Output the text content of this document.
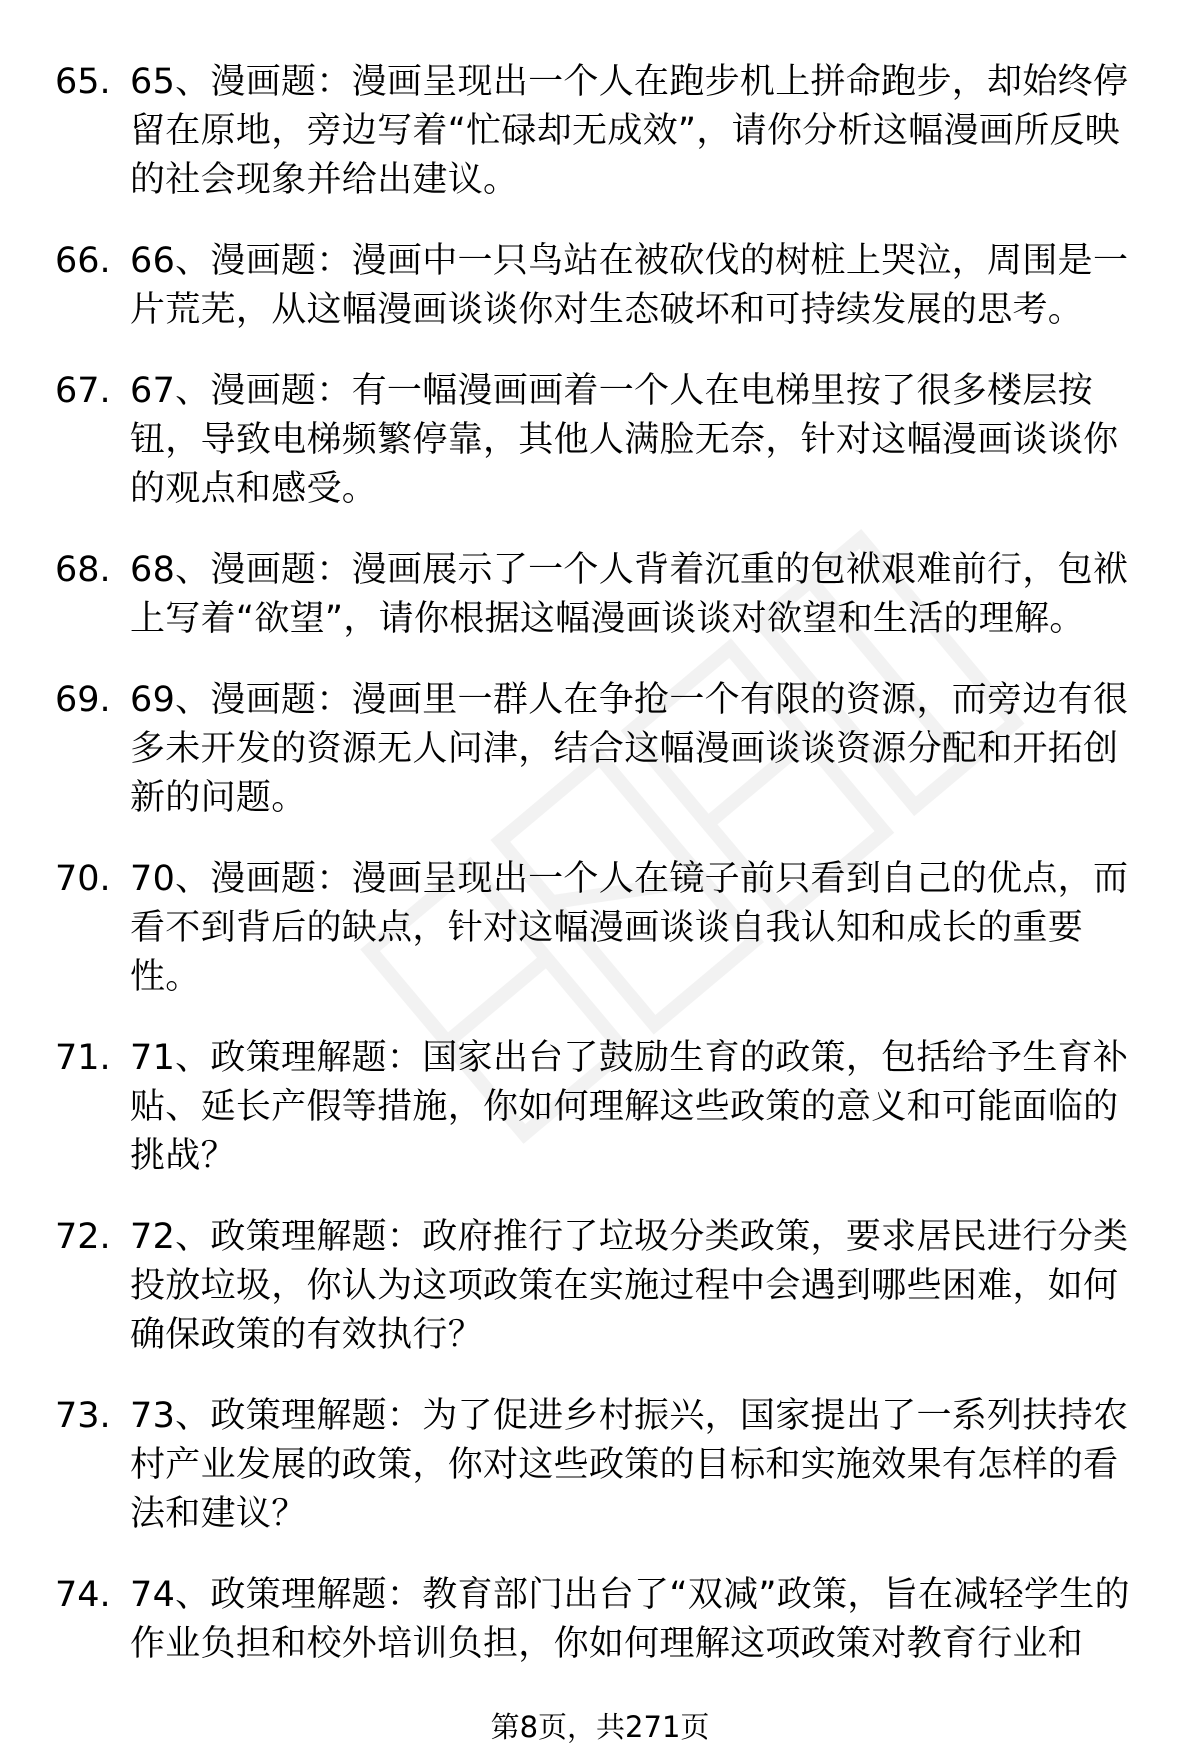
65. 65、漫画题：漫画呈现出一个人在跑步机上拼命跑步，却始终停留在原地，旁边写着“忙碌却无成效”，请你分析这幅漫画所反映的社会现象并给出建议。
66. 66、漫画题：漫画中一只鸟站在被砍伐的树桩上哭泣，周围是一片荒芜，从这幅漫画谈谈你对生态破坏和可持续发展的思考。
67. 67、漫画题：有一幅漫画画着一个人在电梯里按了很多楼层按钮，导致电梯频繁停靠，其他人满脸无奈，针对这幅漫画谈谈你的观点和感受。
68. 68、漫画题：漫画展示了一个人背着沉重的包袱艰难前行，包袱上写着“欲望”，请你根据这幅漫画谈谈对欲望和生活的理解。
69. 69、漫画题：漫画里一群人在争抢一个有限的资源，而旁边有很多未开发的资源无人问津，结合这幅漫画谈谈资源分配和开拓创新的问题。
70. 70、漫画题：漫画呈现出一个人在镜子前只看到自己的优点，而看不到背后的缺点，针对这幅漫画谈谈自我认知和成长的重要性。
71. 71、政策理解题：国家出台了鼓励生育的政策，包括给予生育补贴、延长产假等措施，你如何理解这些政策的意义和可能面临的挑战？
72. 72、政策理解题：政府推行了垃圾分类政策，要求居民进行分类投放垃圾，你认为这项政策在实施过程中会遇到哪些困难，如何确保政策的有效执行？
73. 73、政策理解题：为了促进乡村振兴，国家提出了一系列扶持农村产业发展的政策，你对这些政策的目标和实施效果有怎样的看法和建议？
74. 74、政策理解题：教育部门出台了“双减”政策，旨在减轻学生的作业负担和校外培训负担，你如何理解这项政策对教育行业和
第8页，共271页
